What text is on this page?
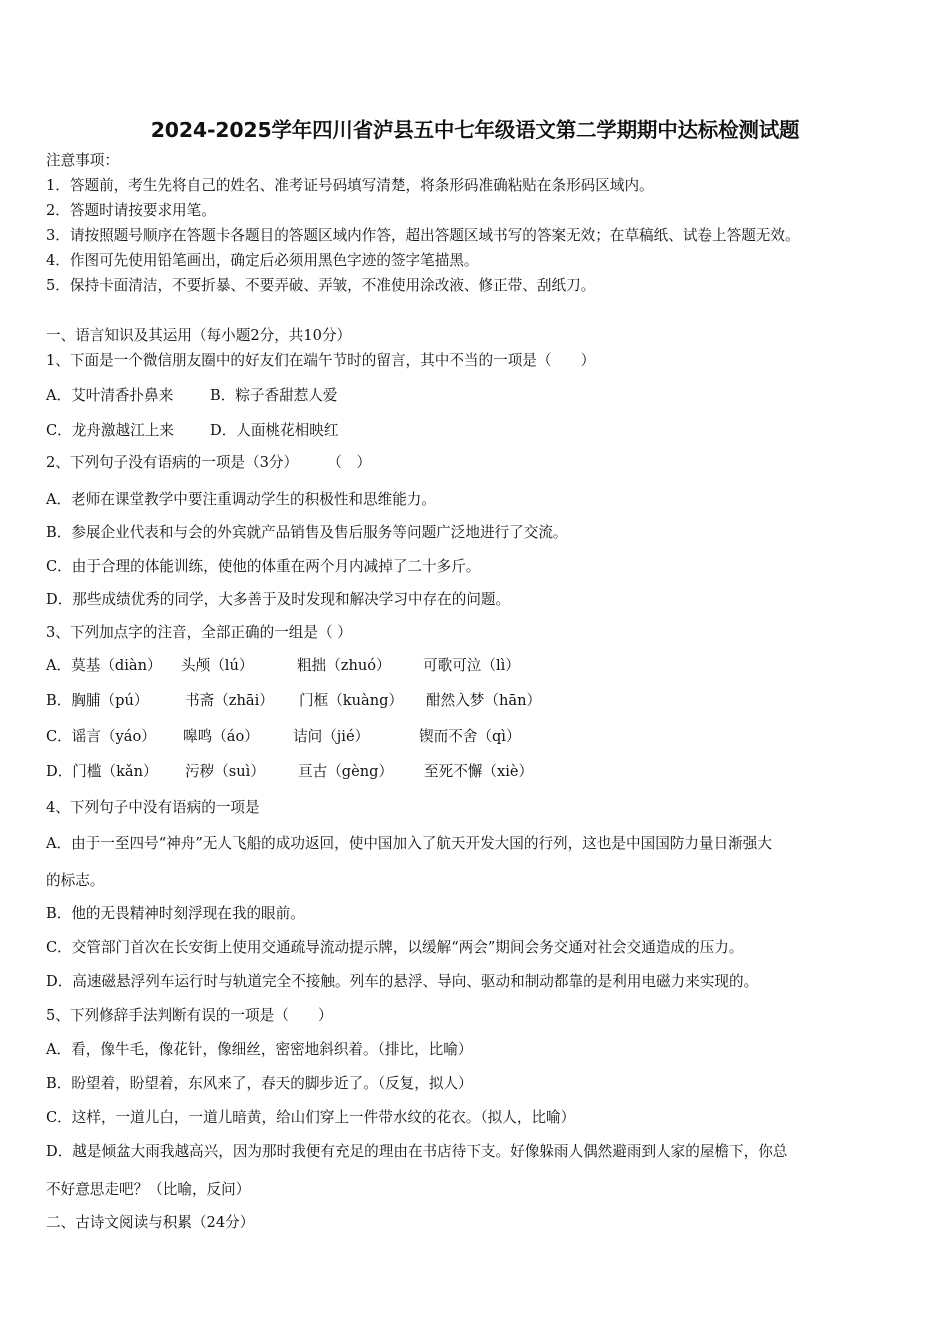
2024-2025学年四川省泸县五中七年级语文第二学期期中达标检测试题
注意事项：
1．答题前，考生先将自己的姓名、准考证号码填写清楚，将条形码准确粘贴在条形码区域内。
2．答题时请按要求用笔。
3．请按照题号顺序在答题卡各题目的答题区域内作答，超出答题区域书写的答案无效；在草稿纸、试卷上答题无效。
4．作图可先使用铅笔画出，确定后必须用黑色字迹的签字笔描黑。
5．保持卡面清洁，不要折暴、不要弄破、弄皱，不准使用涂改液、修正带、刮纸刀。
一、语言知识及其运用（每小题2分，共10分）
1、下面是一个微信朋友圈中的好友们在端午节时的留言，其中不当的一项是（　　）
A．艾叶清香扑鼻来	B．粽子香甜惹人爱
C．龙舟激越江上来 D．人面桃花相映红
2、下列句子没有语病的一项是（3分）　　　（　）
A．老师在课堂教学中要注重调动学生的积极性和思维能力。
B．参展企业代表和与会的外宾就产品销售及售后服务等问题广泛地进行了交流。
C．由于合理的体能训练，使他的体重在两个月内减掉了二十多斤。
D．那些成绩优秀的同学，大多善于及时发现和解决学习中存在的问题。
3、下列加点字的注音，全部正确的一组是（ ）
A．莫基（diàn） 头颅（lú）	粗拙（zhuó） 可歌可泣（lì）
B．胸脯（pú）	书斋（zhāi） 门框（kuàng） 酣然入梦（hān）
C．谣言（yáo） 嗥鸣（áo） 诘问（jié）	锲而不舍（qì）
D．门槛（kǎn） 污秽（suì） 亘古（gèng） 至死不懈（xiè）
4、下列句子中没有语病的一项是
A．由于一至四号“神舟”无人飞船的成功返回，使中国加入了航天开发大国的行列，这也是中国国防力量日渐强大
的标志。
B．他的无畏精神时刻浮现在我的眼前。
C．交管部门首次在长安街上使用交通疏导流动提示牌，以缓解“两会”期间会务交通对社会交通造成的压力。
D．高速磁悬浮列车运行时与轨道完全不接触。列车的悬浮、导向、驱动和制动都靠的是利用电磁力来实现的。
5、下列修辞手法判断有误的一项是（　　）
A．看，像牛毛，像花针，像细丝，密密地斜织着。（排比，比喻）
B．盼望着，盼望着，东风来了，春天的脚步近了。（反复，拟人）
C．这样，一道儿白，一道儿暗黄，给山们穿上一件带水纹的花衣。（拟人，比喻）
D．越是倾盆大雨我越高兴，因为那时我便有充足的理由在书店待下支。好像躲雨人偶然避雨到人家的屋檐下，你总
不好意思走吧？（比喻，反问）
二、古诗文阅读与积累（24分）
